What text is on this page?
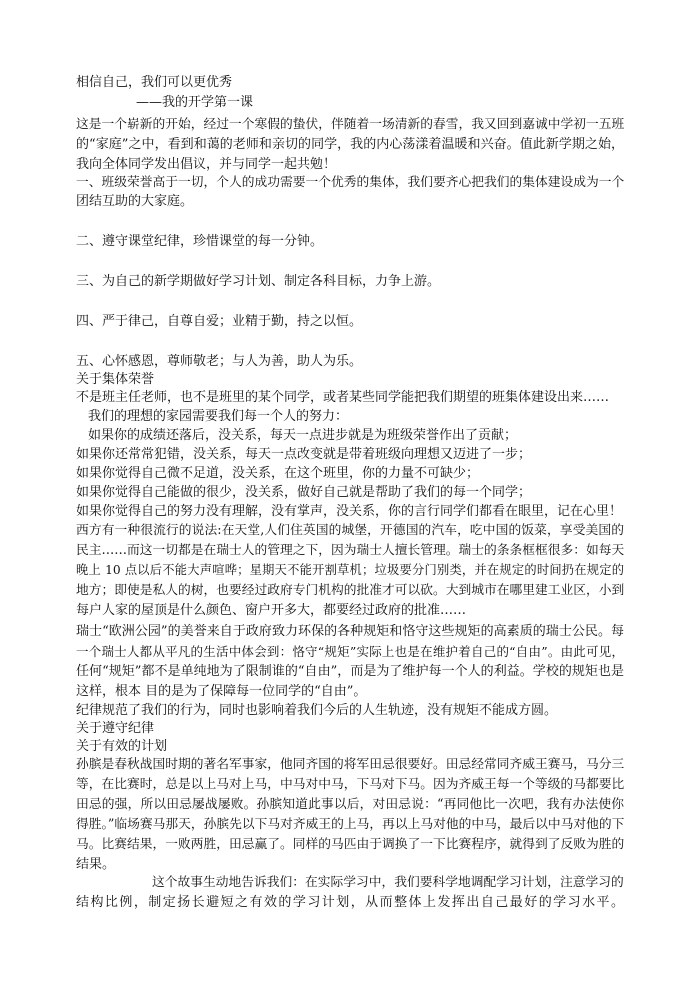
相信自己，我们可以更优秀
——我的开学第一课
这是一个崭新的开始，经过一个寒假的蛰伏，伴随着一场清新的春雪，我又回到嘉诚中学初一五班
的“家庭”之中，看到和蔼的老师和亲切的同学，我的内心荡漾着温暖和兴奋。值此新学期之始，
我向全体同学发出倡议，并与同学一起共勉！
一、班级荣誉高于一切，个人的成功需要一个优秀的集体，我们要齐心把我们的集体建设成为一个
团结互助的大家庭。
二、遵守课堂纪律，珍惜课堂的每一分钟。
三、为自己的新学期做好学习计划、制定各科目标，力争上游。
四、严于律己，自尊自爱；业精于勤，持之以恒。
五、心怀感恩，尊师敬老；与人为善，助人为乐。
关于集体荣誉
不是班主任老师，也不是班里的某个同学，或者某些同学能把我们期望的班集体建设出来……
我们的理想的家园需要我们每一个人的努力：
如果你的成绩还落后，没关系，每天一点进步就是为班级荣誉作出了贡献；
如果你还常常犯错，没关系，每天一点改变就是带着班级向理想又迈进了一步；
如果你觉得自己微不足道，没关系，在这个班里，你的力量不可缺少；
如果你觉得自己能做的很少，没关系，做好自己就是帮助了我们的每一个同学；
如果你觉得自己的努力没有理解，没有掌声，没关系，你的言行同学们都看在眼里，记在心里！
西方有一种很流行的说法:在天堂,人们住英国的城堡，开德国的汽车，吃中国的饭菜，享受美国的
民主……而这一切都是在瑞士人的管理之下，因为瑞士人擅长管理。瑞士的条条框框很多：如每天
晚上 10 点以后不能大声喧哗；星期天不能开割草机；垃圾要分门别类，并在规定的时间扔在规定的
地方；即使是私人的树，也要经过政府专门机构的批准才可以砍。大到城市在哪里建工业区，小到
每户人家的屋顶是什么颜色、窗户开多大，都要经过政府的批准……
瑞士“欧洲公园”的美誉来自于政府致力环保的各种规矩和恪守这些规矩的高素质的瑞士公民。每
一个瑞士人都从平凡的生活中体会到：恪守“规矩”实际上也是在维护着自己的“自由”。由此可见，
任何“规矩”都不是单纯地为了限制谁的“自由”，而是为了维护每一个人的利益。学校的规矩也是
这样，根本 目的是为了保障每一位同学的“自由”。
纪律规范了我们的行为，同时也影响着我们今后的人生轨迹，没有规矩不能成方圆。
关于遵守纪律
关于有效的计划
孙膑是春秋战国时期的著名军事家，他同齐国的将军田忌很要好。田忌经常同齐威王赛马，马分三
等，在比赛时，总是以上马对上马，中马对中马，下马对下马。因为齐威王每一个等级的马都要比
田忌的强，所以田忌屡战屡败。孙膑知道此事以后，对田忌说：“再同他比一次吧，我有办法使你
得胜。”临场赛马那天，孙膑先以下马对齐威王的上马，再以上马对他的中马，最后以中马对他的下
马。比赛结果，一败两胜，田忌赢了。同样的马匹由于调换了一下比赛程序，就得到了反败为胜的
结果。
这个故事生动地告诉我们：在实际学习中，我们要科学地调配学习计划，注意学习的
结构比例，制定扬长避短之有效的学习计划，从而整体上发挥出自己最好的学习水平。
